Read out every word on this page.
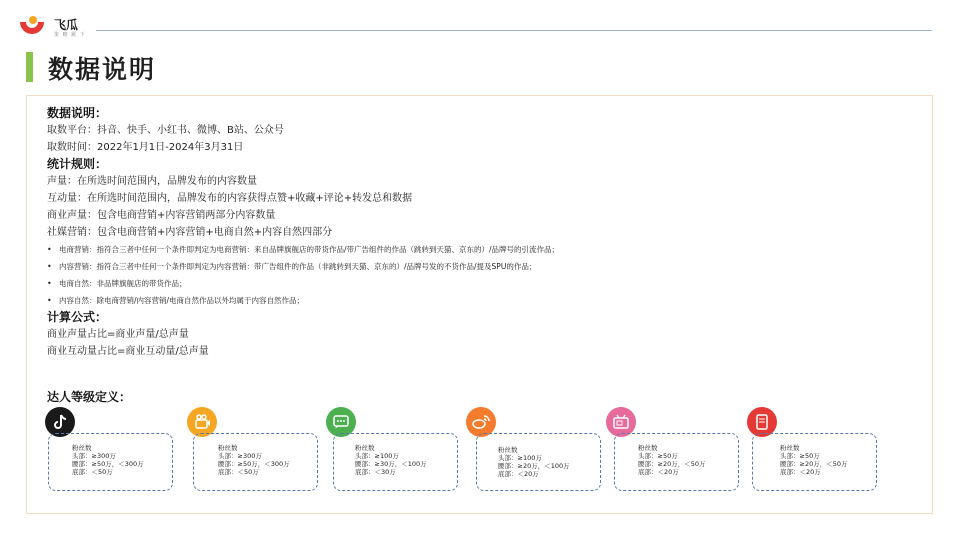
飞瓜
策 略 跳 下
数据说明
数据说明：
取数平台：抖音、快手、小红书、微博、B站、公众号
取数时间：2022年1月1日-2024年3月31日
统计规则：
声量：在所选时间范围内，品牌发布的内容数量
互动量：在所选时间范围内，品牌发布的内容获得点赞+收藏+评论+转发总和数据
商业声量：包含电商营销+内容营销两部分内容数量
社媒营销：包含电商营销+内容营销+电商自然+内容自然四部分
• 电商营销：指符合三者中任何一个条件即判定为电商营销：来自品牌旗舰店的带货作品/带广告组件的作品（跳转到天猫、京东的）/品牌号的引流作品；
• 内容营销：指符合三者中任何一个条件即判定为内容营销：带广告组件的作品（非跳转到天猫、京东的）/品牌号发的不货作品/提及SPU的作品；
• 电商自然：非品牌旗舰店的带货作品；
• 内容自然：除电商营销/内容营销/电商自然作品以外均属于内容自然作品；
计算公式：
商业声量占比=商业声量/总声量
商业互动量占比=商业互动量/总声量
达人等级定义：
粉丝数
头部：≥300万
腰部：≥50万，＜300万
底部：＜50万
粉丝数
头部：≥300万
腰部：≥50万，＜300万
底部：＜50万
粉丝数
头部：≥100万
腰部：≥30万，＜100万
底部：＜30万
粉丝数
头部：≥100万
腰部：≥20万，＜100万
底部：＜20万
粉丝数
头部：≥50万
腰部：≥20万，＜50万
底部：＜20万
粉丝数
头部：≥50万
腰部：≥20万，＜50万
底部：＜20万
